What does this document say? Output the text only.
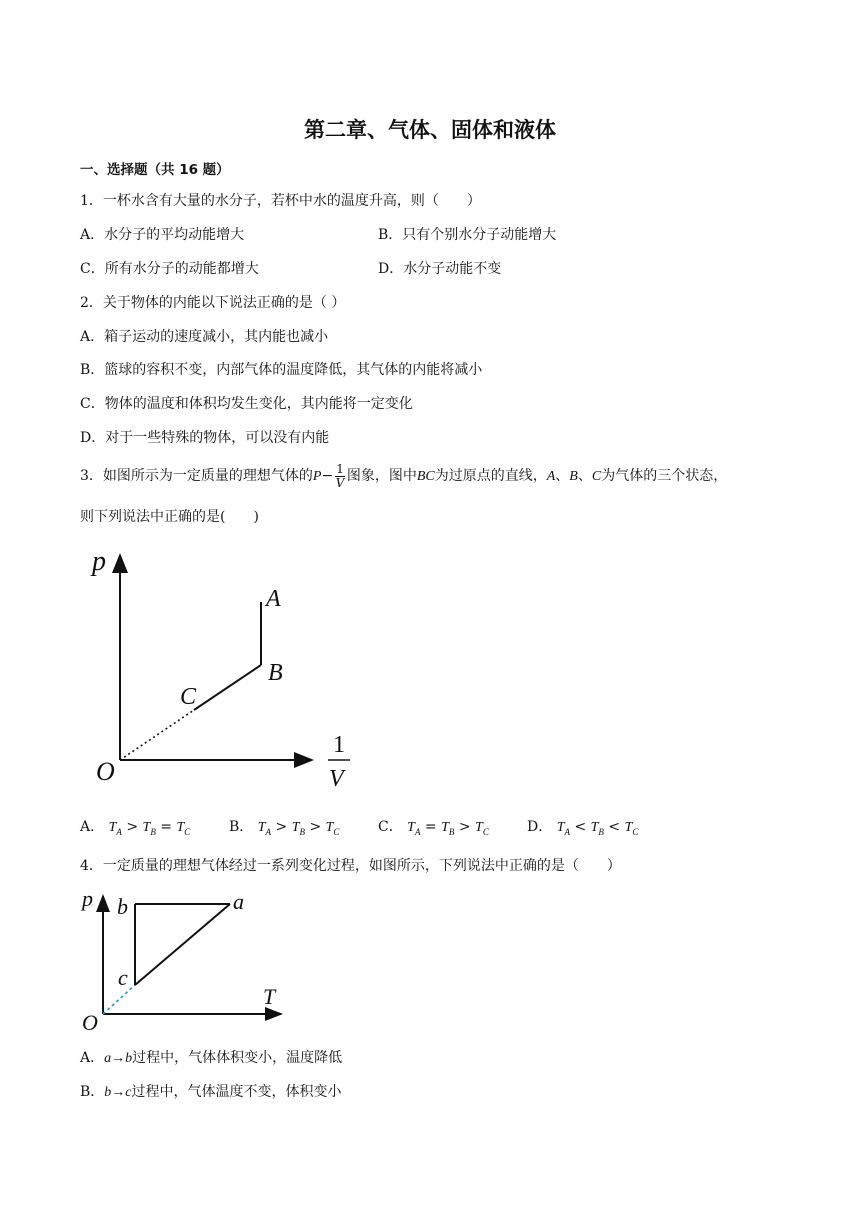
第二章、气体、固体和液体
一、选择题（共 16 题）
1．一杯水含有大量的水分子，若杯中水的温度升高，则（　　）
A．水分子的平均动能增大	B．只有个别水分子动能增大
C．所有水分子的动能都增大	D．水分子动能不变
2．关于物体的内能以下说法正确的是（ ）
A．箱子运动的速度减小，其内能也减小
B．篮球的容积不变，内部气体的温度降低，其气体的内能将减小
C．物体的温度和体积均发生变化，其内能将一定变化
D．对于一些特殊的物体，可以没有内能
3．如图所示为一定质量的理想气体的$P- \frac{1}{V}$ 图象，图中BC为过原点的直线，A、B、C为气体的三个状态，
则下列说法中正确的是(　　)
p
O
A
B
C
1
V
A． $T_A > T_B = T_C$	B． $T_A > T_B > T_C$	C． $T_A = T_B > T_C$	D． $T_A < T_B < T_C$
4．一定质量的理想气体经过一系列变化过程，如图所示，下列说法中正确的是（　　）
p
O
b	a
c
T
A．a→b过程中，气体体积变小，温度降低
B．b→c过程中，气体温度不变，体积变小
